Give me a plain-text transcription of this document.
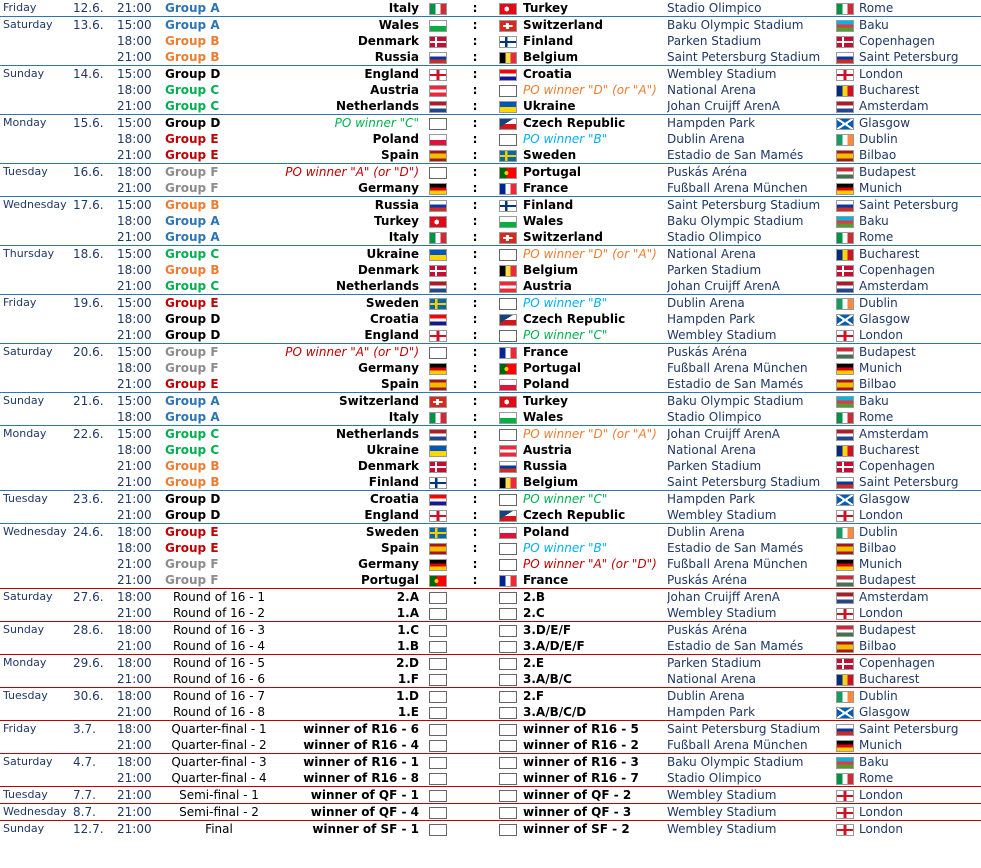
Friday	12.6.	21:00	Group A	Italy		:		Turkey	Stadio Olimpico		Rome
Saturday	13.6.	15:00	Group A	Wales		:		Switzerland	Baku Olympic Stadium		Baku
		18:00	Group B	Denmark		:		Finland	Parken Stadium		Copenhagen
		21:00	Group B	Russia		:		Belgium	Saint Petersburg Stadium		Saint Petersburg
Sunday	14.6.	15:00	Group D	England		:		Croatia	Wembley Stadium		London
		18:00	Group C	Austria		:		PO winner "D" (or "A")	National Arena		Bucharest
		21:00	Group C	Netherlands		:		Ukraine	Johan Cruijff ArenA		Amsterdam
Monday	15.6.	15:00	Group D	PO winner "C"		:		Czech Republic	Hampden Park		Glasgow
		18:00	Group E	Poland		:		PO winner "B"	Dublin Arena		Dublin
		21:00	Group E	Spain		:		Sweden	Estadio de San Mamés		Bilbao
Tuesday	16.6.	18:00	Group F	PO winner "A" (or "D")		:		Portugal	Puskás Aréna		Budapest
		21:00	Group F	Germany		:		France	Fußball Arena München		Munich
Wednesday	17.6.	15:00	Group B	Russia		:		Finland	Saint Petersburg Stadium		Saint Petersburg
		18:00	Group A	Turkey		:		Wales	Baku Olympic Stadium		Baku
		21:00	Group A	Italy		:		Switzerland	Stadio Olimpico		Rome
Thursday	18.6.	15:00	Group C	Ukraine		:		PO winner "D" (or "A")	National Arena		Bucharest
		18:00	Group B	Denmark		:		Belgium	Parken Stadium		Copenhagen
		21:00	Group C	Netherlands		:		Austria	Johan Cruijff ArenA		Amsterdam
Friday	19.6.	15:00	Group E	Sweden		:		PO winner "B"	Dublin Arena		Dublin
		18:00	Group D	Croatia		:		Czech Republic	Hampden Park		Glasgow
		21:00	Group D	England		:		PO winner "C"	Wembley Stadium		London
Saturday	20.6.	15:00	Group F	PO winner "A" (or "D")		:		France	Puskás Aréna		Budapest
		18:00	Group F	Germany		:		Portugal	Fußball Arena München		Munich
		21:00	Group E	Spain		:		Poland	Estadio de San Mamés		Bilbao
Sunday	21.6.	15:00	Group A	Switzerland		:		Turkey	Baku Olympic Stadium		Baku
		18:00	Group A	Italy		:		Wales	Stadio Olimpico		Rome
Monday	22.6.	15:00	Group C	Netherlands		:		PO winner "D" (or "A")	Johan Cruijff ArenA		Amsterdam
		18:00	Group C	Ukraine		:		Austria	National Arena		Bucharest
		21:00	Group B	Denmark		:		Russia	Parken Stadium		Copenhagen
		21:00	Group B	Finland		:		Belgium	Saint Petersburg Stadium		Saint Petersburg
Tuesday	23.6.	21:00	Group D	Croatia		:		PO winner "C"	Hampden Park		Glasgow
		21:00	Group D	England		:		Czech Republic	Wembley Stadium		London
Wednesday	24.6.	18:00	Group E	Sweden		:		Poland	Dublin Arena		Dublin
		18:00	Group E	Spain		:		PO winner "B"	Estadio de San Mamés		Bilbao
		21:00	Group F	Germany		:		PO winner "A" (or "D")	Fußball Arena München		Munich
		21:00	Group F	Portugal		:		France	Puskás Aréna		Budapest
Saturday	27.6.	18:00	Round of 16 - 1	2.A				2.B	Johan Cruijff ArenA		Amsterdam
		21:00	Round of 16 - 2	1.A				2.C	Wembley Stadium		London
Sunday	28.6.	18:00	Round of 16 - 3	1.C				3.D/E/F	Puskás Aréna		Budapest
		21:00	Round of 16 - 4	1.B				3.A/D/E/F	Estadio de San Mamés		Bilbao
Monday	29.6.	18:00	Round of 16 - 5	2.D				2.E	Parken Stadium		Copenhagen
		21:00	Round of 16 - 6	1.F				3.A/B/C	National Arena		Bucharest
Tuesday	30.6.	18:00	Round of 16 - 7	1.D				2.F	Dublin Arena		Dublin
		21:00	Round of 16 - 8	1.E				3.A/B/C/D	Hampden Park		Glasgow
Friday	3.7.	18:00	Quarter-final - 1	winner of R16 - 6				winner of R16 - 5	Saint Petersburg Stadium		Saint Petersburg
		21:00	Quarter-final - 2	winner of R16 - 4				winner of R16 - 2	Fußball Arena München		Munich
Saturday	4.7.	18:00	Quarter-final - 3	winner of R16 - 1				winner of R16 - 3	Baku Olympic Stadium		Baku
		21:00	Quarter-final - 4	winner of R16 - 8				winner of R16 - 7	Stadio Olimpico		Rome
Tuesday	7.7.	21:00	Semi-final - 1	winner of QF - 1				winner of QF - 2	Wembley Stadium		London
Wednesday	8.7.	21:00	Semi-final - 2	winner of QF - 4				winner of QF - 3	Wembley Stadium		London
Sunday	12.7.	21:00	Final	winner of SF - 1				winner of SF - 2	Wembley Stadium		London
